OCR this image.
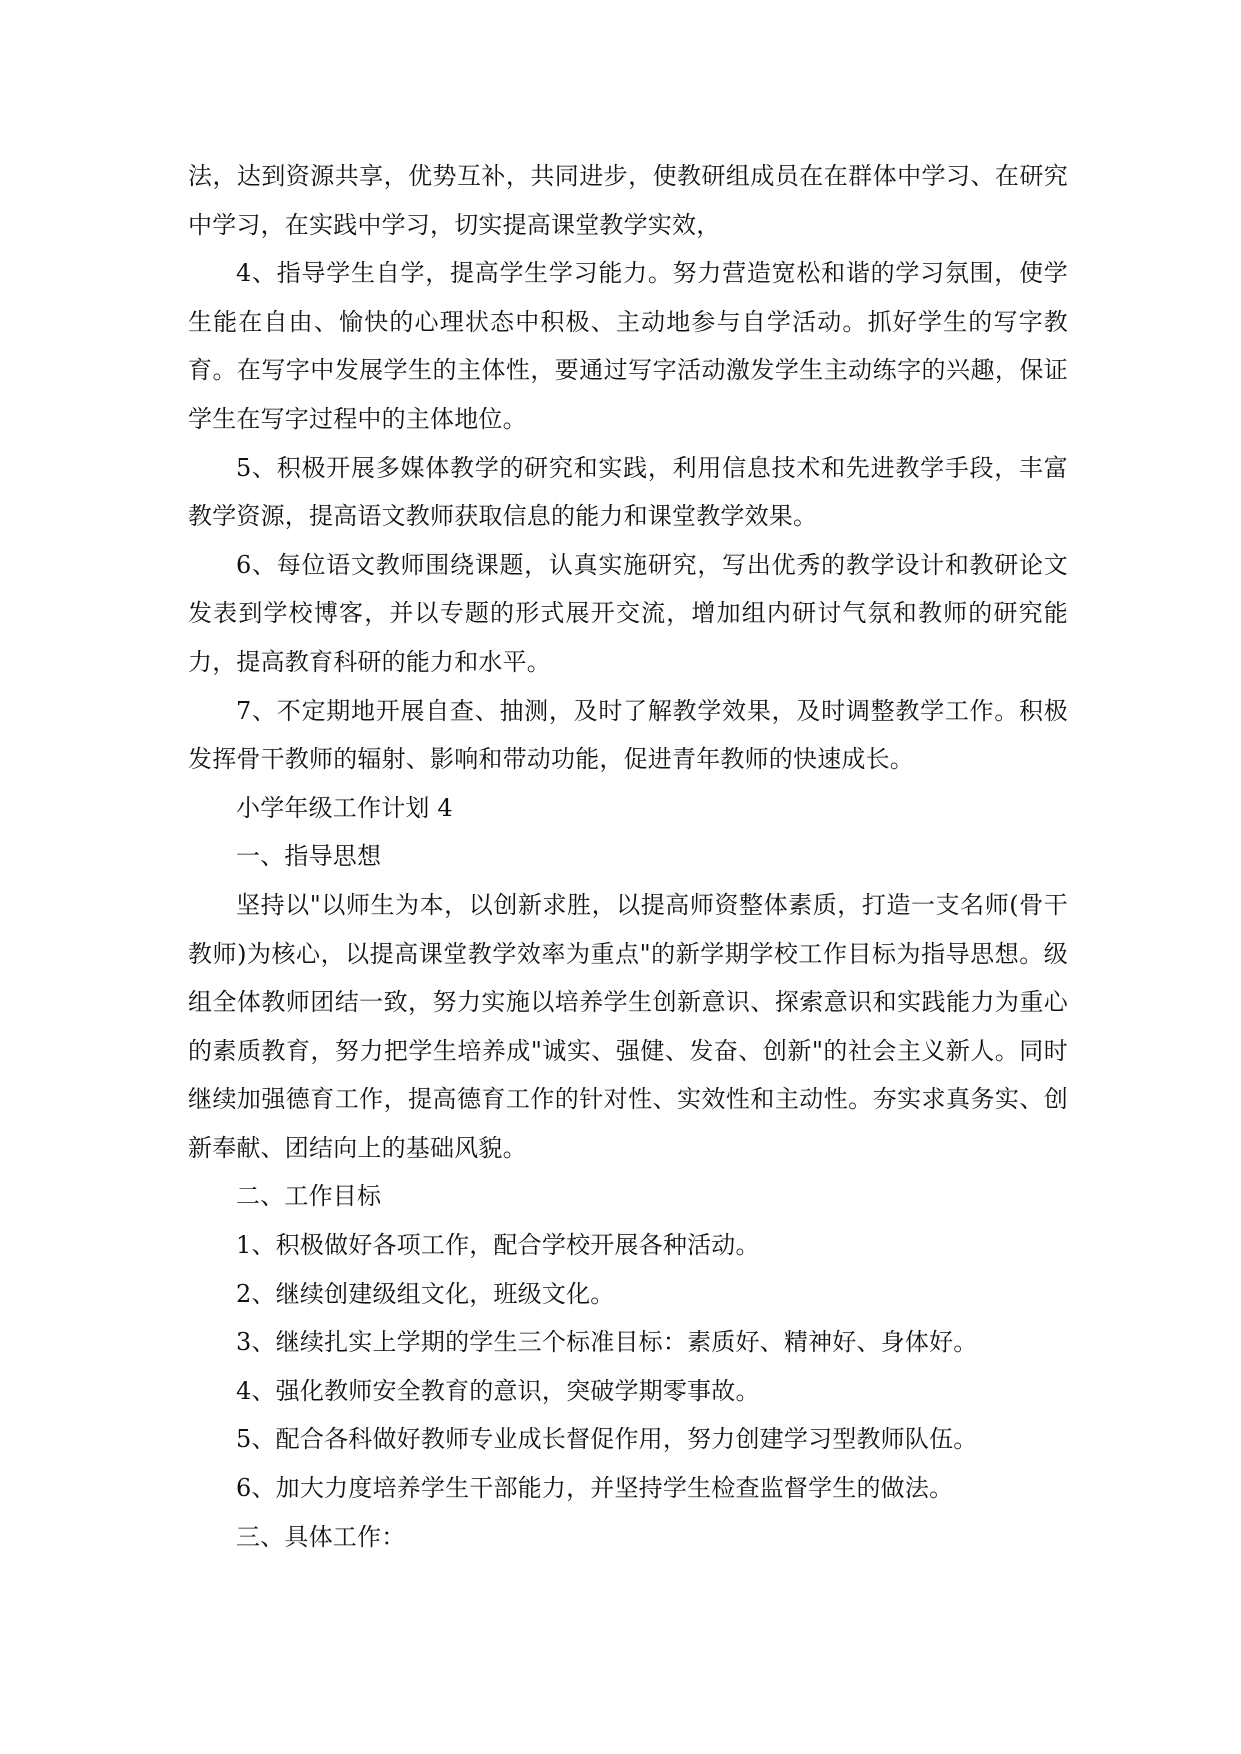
法，达到资源共享，优势互补，共同进步，使教研组成员在在群体中学习、在研究中学习，在实践中学习，切实提高课堂教学实效，

4、指导学生自学，提高学生学习能力。努力营造宽松和谐的学习氛围，使学生能在自由、愉快的心理状态中积极、主动地参与自学活动。抓好学生的写字教育。在写字中发展学生的主体性，要通过写字活动激发学生主动练字的兴趣，保证学生在写字过程中的主体地位。

5、积极开展多媒体教学的研究和实践，利用信息技术和先进教学手段，丰富教学资源，提高语文教师获取信息的能力和课堂教学效果。

6、每位语文教师围绕课题，认真实施研究，写出优秀的教学设计和教研论文发表到学校博客，并以专题的形式展开交流，增加组内研讨气氛和教师的研究能力，提高教育科研的能力和水平。

7、不定期地开展自查、抽测，及时了解教学效果，及时调整教学工作。积极发挥骨干教师的辐射、影响和带动功能，促进青年教师的快速成长。

小学年级工作计划 4

一、指导思想

坚持以"以师生为本，以创新求胜，以提高师资整体素质，打造一支名师(骨干教师)为核心，以提高课堂教学效率为重点"的新学期学校工作目标为指导思想。级组全体教师团结一致，努力实施以培养学生创新意识、探索意识和实践能力为重心的素质教育，努力把学生培养成"诚实、强健、发奋、创新"的社会主义新人。同时继续加强德育工作，提高德育工作的针对性、实效性和主动性。夯实求真务实、创新奉献、团结向上的基础风貌。

二、工作目标

1、积极做好各项工作，配合学校开展各种活动。

2、继续创建级组文化，班级文化。

3、继续扎实上学期的学生三个标准目标：素质好、精神好、身体好。

4、强化教师安全教育的意识，突破学期零事故。

5、配合各科做好教师专业成长督促作用，努力创建学习型教师队伍。

6、加大力度培养学生干部能力，并坚持学生检查监督学生的做法。

三、具体工作：
